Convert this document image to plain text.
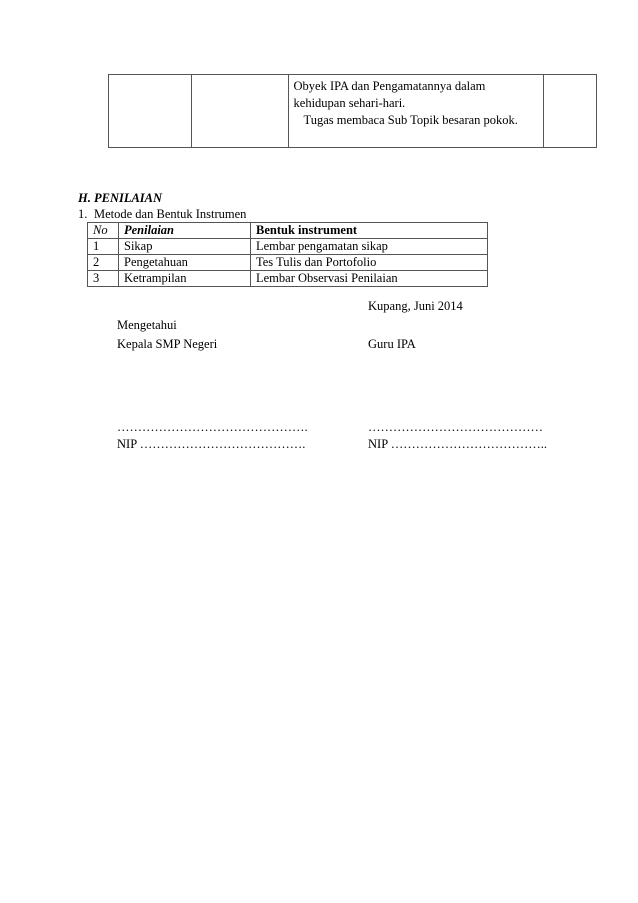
Obyek IPA dan Pengamatannya dalam
kehidupan sehari-hari.
Tugas membaca Sub Topik besaran pokok.

H. PENILAIAN
1. Metode dan Bentuk Instrumen
No	Penilaian	Bentuk instrument
1	Sikap	Lembar pengamatan sikap
2	Pengetahuan	Tes Tulis dan Portofolio
3	Ketrampilan	Lembar Observasi Penilaian
Kupang, Juni 2014
Mengetahui
Kepala SMP Negeri	Guru IPA
……………………………………….	……………………………………
NIP ………………………………….	NIP ………………………………..
